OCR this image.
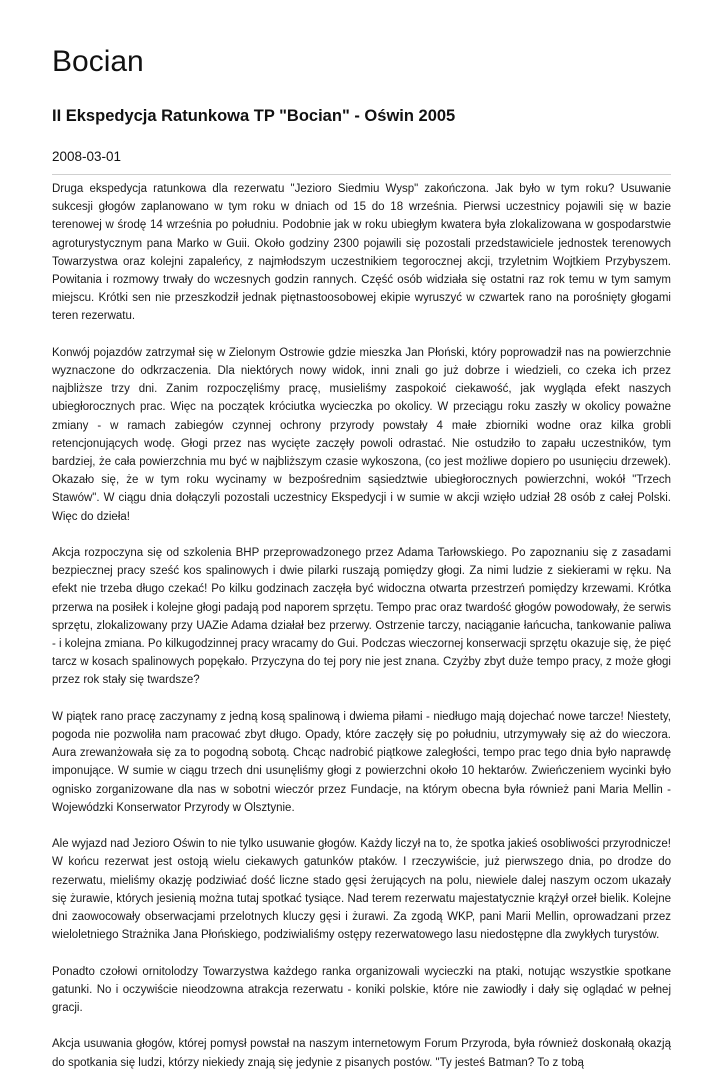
Bocian
II Ekspedycja Ratunkowa TP "Bocian" - Oświn 2005
2008-03-01

Druga ekspedycja ratunkowa dla rezerwatu "Jezioro Siedmiu Wysp" zakończona. Jak było w tym roku? Usuwanie sukcesji głogów zaplanowano w tym roku w dniach od 15 do 18 września. Pierwsi uczestnicy pojawili się w bazie terenowej w środę 14 września po południu. Podobnie jak w roku ubiegłym kwatera była zlokalizowana w gospodarstwie agroturystycznym pana Marko w Guii. Około godziny 2300 pojawili się pozostali przedstawiciele jednostek terenowych Towarzystwa oraz kolejni zapaleńcy, z najmłodszym uczestnikiem tegorocznej akcji, trzyletnim Wojtkiem Przybyszem. Powitania i rozmowy trwały do wczesnych godzin rannych. Część osób widziała się ostatni raz rok temu w tym samym miejscu. Krótki sen nie przeszkodził jednak piętnastoosobowej ekipie wyruszyć w czwartek rano na porośnięty głogami teren rezerwatu.

Konwój pojazdów zatrzymał się w Zielonym Ostrowie gdzie mieszka Jan Płoński, który poprowadził nas na powierzchnie wyznaczone do odkrzaczenia. Dla niektórych nowy widok, inni znali go już dobrze i wiedzieli, co czeka ich przez najbliższe trzy dni. Zanim rozpoczęliśmy pracę, musieliśmy zaspokoić ciekawość, jak wygląda efekt naszych ubiegłorocznych prac. Więc na początek króciutka wycieczka po okolicy. W przeciągu roku zaszły w okolicy poważne zmiany - w ramach zabiegów czynnej ochrony przyrody powstały 4 małe zbiorniki wodne oraz kilka grobli retencjonujących wodę. Głogi przez nas wycięte zaczęły powoli odrastać. Nie ostudziło to zapału uczestników, tym bardziej, że cała powierzchnia mu być w najbliższym czasie wykoszona, (co jest możliwe dopiero po usunięciu drzewek). Okazało się, że w tym roku wycinamy w bezpośrednim sąsiedztwie ubiegłorocznych powierzchni, wokół "Trzech Stawów". W ciągu dnia dołączyli pozostali uczestnicy Ekspedycji i w sumie w akcji wzięło udział 28 osób z całej Polski. Więc do dzieła!

Akcja rozpoczyna się od szkolenia BHP przeprowadzonego przez Adama Tarłowskiego. Po zapoznaniu się z zasadami bezpiecznej pracy sześć kos spalinowych i dwie pilarki ruszają pomiędzy głogi. Za nimi ludzie z siekierami w ręku. Na efekt nie trzeba długo czekać! Po kilku godzinach zaczęła być widoczna otwarta przestrzeń pomiędzy krzewami. Krótka przerwa na posiłek i kolejne głogi padają pod naporem sprzętu. Tempo prac oraz twardość głogów powodowały, że serwis sprzętu, zlokalizowany przy UAZie Adama działał bez przerwy. Ostrzenie tarczy, naciąganie łańcucha, tankowanie paliwa - i kolejna zmiana. Po kilkugodzinnej pracy wracamy do Gui. Podczas wieczornej konserwacji sprzętu okazuje się, że pięć tarcz w kosach spalinowych popękało. Przyczyna do tej pory nie jest znana. Czyżby zbyt duże tempo pracy, z może głogi przez rok stały się twardsze?

W piątek rano pracę zaczynamy z jedną kosą spalinową i dwiema piłami - niedługo mają dojechać nowe tarcze! Niestety, pogoda nie pozwoliła nam pracować zbyt długo. Opady, które zaczęły się po południu, utrzymywały się aż do wieczora. Aura zrewanżowała się za to pogodną sobotą. Chcąc nadrobić piątkowe zaległości, tempo prac tego dnia było naprawdę imponujące. W sumie w ciągu trzech dni usunęliśmy głogi z powierzchni około 10 hektarów. Zwieńczeniem wycinki było ognisko zorganizowane dla nas w sobotni wieczór przez Fundacje, na którym obecna była również pani Maria Mellin - Wojewódzki Konserwator Przyrody w Olsztynie.

Ale wyjazd nad Jezioro Oświn to nie tylko usuwanie głogów. Każdy liczył na to, że spotka jakieś osobliwości przyrodnicze! W końcu rezerwat jest ostoją wielu ciekawych gatunków ptaków. I rzeczywiście, już pierwszego dnia, po drodze do rezerwatu, mieliśmy okazję podziwiać dość liczne stado gęsi żerujących na polu, niewiele dalej naszym oczom ukazały się żurawie, których jesienią można tutaj spotkać tysiące. Nad terem rezerwatu majestatycznie krążył orzeł bielik. Kolejne dni zaowocowały obserwacjami przelotnych kluczy gęsi i żurawi. Za zgodą WKP, pani Marii Mellin, oprowadzani przez wieloletniego Strażnika Jana Płońskiego, podziwialiśmy ostępy rezerwatowego lasu niedostępne dla zwykłych turystów.

Ponadto czołowi ornitolodzy Towarzystwa każdego ranka organizowali wycieczki na ptaki, notując wszystkie spotkane gatunki. No i oczywiście nieodzowna atrakcja rezerwatu - koniki polskie, które nie zawiodły i dały się oglądać w pełnej gracji.

Akcja usuwania głogów, której pomysł powstał na naszym internetowym Forum Przyroda, była również doskonałą okazją do spotkania się ludzi, którzy niekiedy znają się jedynie z pisanych postów. "Ty jesteś Batman? To z tobą
